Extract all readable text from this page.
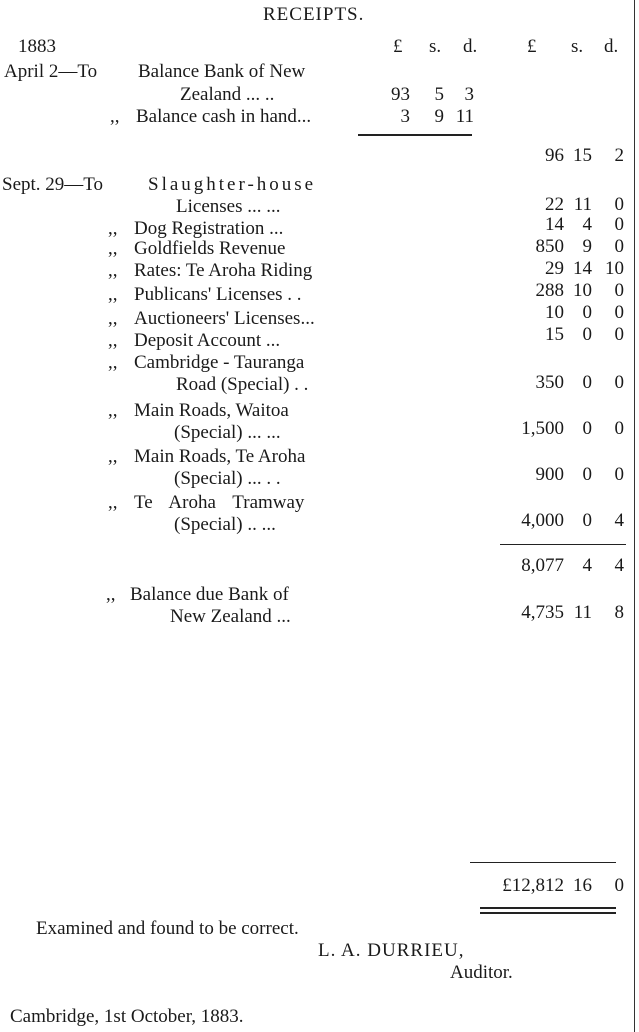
RECEIPTS.
1883	£ s. d.	£ s. d.
April 2—To Balance Bank of New
Zealand ... ..	93	5	3
,, Balance cash in hand...	3	9 11
96 15	2
Sept. 29—To Slaughter-house
Licenses ... ...	22 11	0
,, Dog Registration ...	14 4	0
,, Goldfields Revenue	850 9	0
,, Rates: Te Aroha Riding	29 14 10
,, Publicans' Licenses . .	288 10	0
,, Auctioneers' Licenses...	10 0	0
,, Deposit Account ...	15 0	0
,, Cambridge - Tauranga
Road (Special) . .	350 0	0
,, Main Roads, Waitoa
(Special) ... ...	1,500 0	0
,, Main Roads, Te Aroha
(Special) ... . .	900 0	0
,, Te Aroha Tramway
(Special) .. ...	4,000 0	4
8,077 4	4
,, Balance due Bank of
New Zealand ...	4,735 11	8
£12,812 16	0
Examined and found to be correct.
L. A. DURRIEU,
Auditor.
Cambridge, 1st October, 1883.
